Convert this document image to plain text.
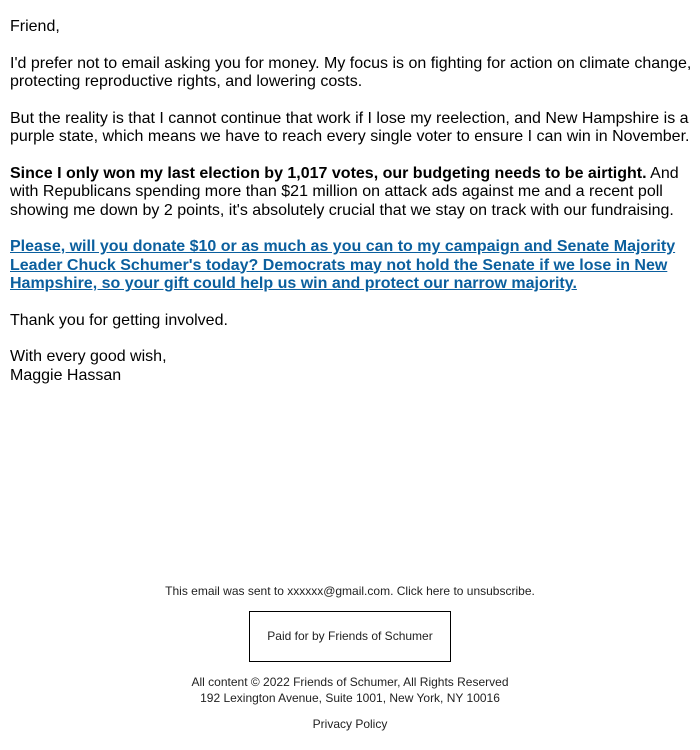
Friend,

I'd prefer not to email asking you for money. My focus is on fighting for action on climate change, protecting reproductive rights, and lowering costs.

But the reality is that I cannot continue that work if I lose my reelection, and New Hampshire is a purple state, which means we have to reach every single voter to ensure I can win in November.

Since I only won my last election by 1,017 votes, our budgeting needs to be airtight. And with Republicans spending more than $21 million on attack ads against me and a recent poll showing me down by 2 points, it's absolutely crucial that we stay on track with our fundraising.

Please, will you donate $10 or as much as you can to my campaign and Senate Majority Leader Chuck Schumer's today? Democrats may not hold the Senate if we lose in New Hampshire, so your gift could help us win and protect our narrow majority.

Thank you for getting involved.

With every good wish,

Maggie Hassan

This email was sent to xxxxxx@gmail.com. Click here to unsubscribe.
Paid for by Friends of Schumer
All content © 2022 Friends of Schumer, All Rights Reserved
192 Lexington Avenue, Suite 1001, New York, NY 10016
Privacy Policy
